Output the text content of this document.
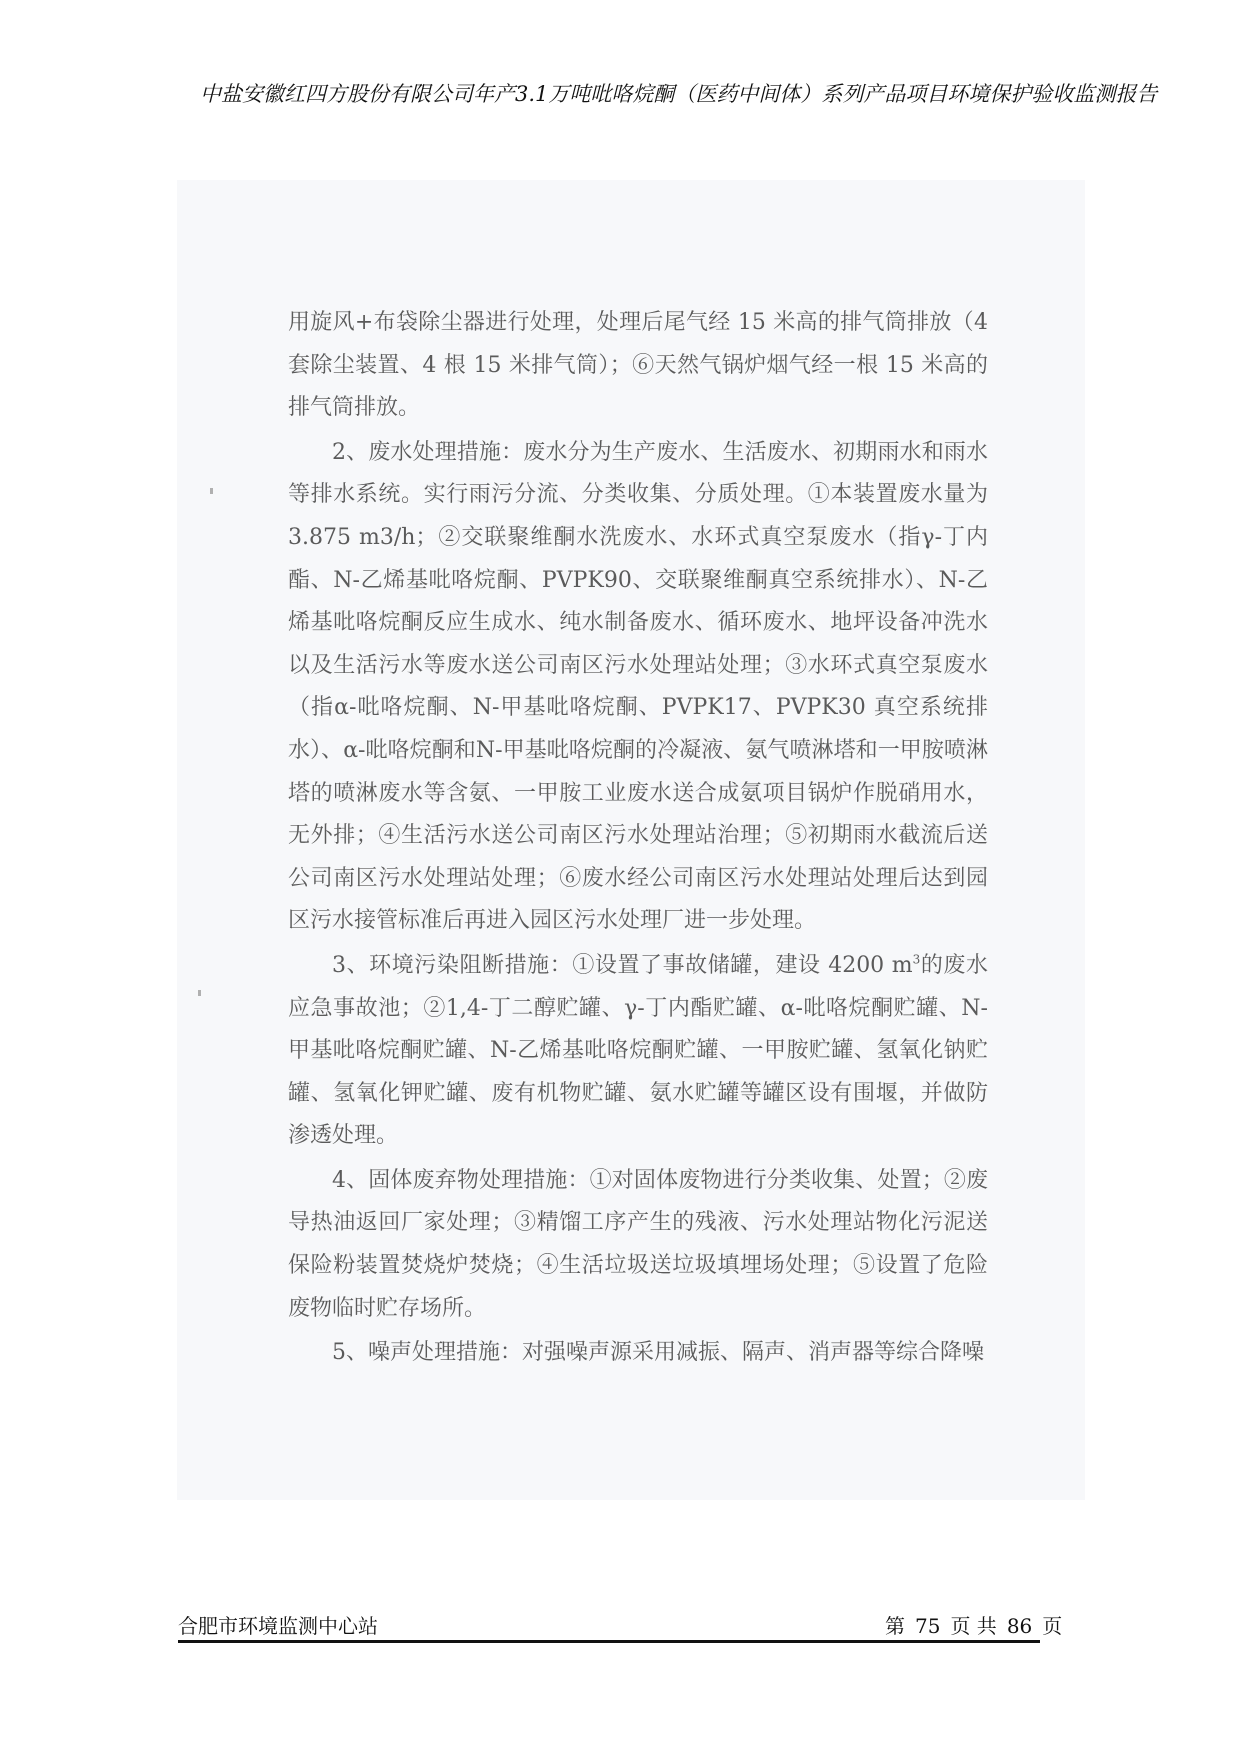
中盐安徽红四方股份有限公司年产3.1万吨吡咯烷酮（医药中间体）系列产品项目环境保护验收监测报告

用旋风+布袋除尘器进行处理，处理后尾气经 15 米高的排气筒排放（4 套除尘装置、4 根 15 米排气筒）；⑥天然气锅炉烟气经一根 15 米高的排气筒排放。

2、废水处理措施：废水分为生产废水、生活废水、初期雨水和雨水等排水系统。实行雨污分流、分类收集、分质处理。①本装置废水量为 3.875 m3/h；②交联聚维酮水洗废水、水环式真空泵废水（指γ-丁内酯、N-乙烯基吡咯烷酮、PVPK90、交联聚维酮真空系统排水）、N-乙烯基吡咯烷酮反应生成水、纯水制备废水、循环废水、地坪设备冲洗水以及生活污水等废水送公司南区污水处理站处理；③水环式真空泵废水（指α-吡咯烷酮、N-甲基吡咯烷酮、PVPK17、PVPK30 真空系统排水）、α-吡咯烷酮和N-甲基吡咯烷酮的冷凝液、氨气喷淋塔和一甲胺喷淋塔的喷淋废水等含氨、一甲胺工业废水送合成氨项目锅炉作脱硝用水，无外排；④生活污水送公司南区污水处理站治理；⑤初期雨水截流后送公司南区污水处理站处理；⑥废水经公司南区污水处理站处理后达到园区污水接管标准后再进入园区污水处理厂进一步处理。

3、环境污染阻断措施：①设置了事故储罐，建设 4200 $m^3$的废水应急事故池；②1,4-丁二醇贮罐、γ-丁内酯贮罐、α-吡咯烷酮贮罐、N-甲基吡咯烷酮贮罐、N-乙烯基吡咯烷酮贮罐、一甲胺贮罐、氢氧化钠贮罐、氢氧化钾贮罐、废有机物贮罐、氨水贮罐等罐区设有围堰，并做防渗透处理。

4、固体废弃物处理措施：①对固体废物进行分类收集、处置；②废导热油返回厂家处理；③精馏工序产生的残液、污水处理站物化污泥送保险粉装置焚烧炉焚烧；④生活垃圾送垃圾填埋场处理；⑤设置了危险废物临时贮存场所。

5、噪声处理措施：对强噪声源采用减振、隔声、消声器等综合降噪

合肥市环境监测中心站	第 75 页 共 86 页
